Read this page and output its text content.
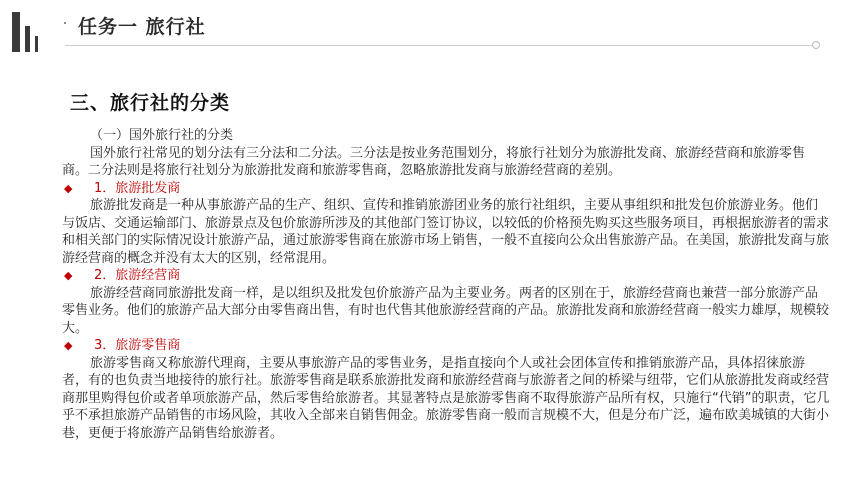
任务一 旅行社
三、旅行社的分类

（一）国外旅行社的分类

国外旅行社常见的划分法有三分法和二分法。三分法是按业务范围划分，将旅行社划分为旅游批发商、旅游经营商和旅游零售商。二分法则是将旅行社划分为旅游批发商和旅游零售商，忽略旅游批发商与旅游经营商的差别。

◆	1．旅游批发商

旅游批发商是一种从事旅游产品的生产、组织、宣传和推销旅游团业务的旅行社组织，主要从事组织和批发包价旅游业务。他们与饭店、交通运输部门、旅游景点及包价旅游所涉及的其他部门签订协议，以较低的价格预先购买这些服务项目，再根据旅游者的需求和相关部门的实际情况设计旅游产品，通过旅游零售商在旅游市场上销售，一般不直接向公众出售旅游产品。在美国，旅游批发商与旅游经营商的概念并没有太大的区别，经常混用。

◆	2．旅游经营商

旅游经营商同旅游批发商一样，是以组织及批发包价旅游产品为主要业务。两者的区别在于，旅游经营商也兼营一部分旅游产品零售业务。他们的旅游产品大部分由零售商出售，有时也代售其他旅游经营商的产品。旅游批发商和旅游经营商一般实力雄厚，规模较大。

◆	3．旅游零售商

旅游零售商又称旅游代理商，主要从事旅游产品的零售业务，是指直接向个人或社会团体宣传和推销旅游产品，具体招徕旅游者，有的也负责当地接待的旅行社。旅游零售商是联系旅游批发商和旅游经营商与旅游者之间的桥梁与纽带，它们从旅游批发商或经营商那里购得包价或者单项旅游产品，然后零售给旅游者。其显著特点是旅游零售商不取得旅游产品所有权，只施行“代销”的职责，它几乎不承担旅游产品销售的市场风险，其收入全部来自销售佣金。旅游零售商一般而言规模不大，但是分布广泛，遍布欧美城镇的大街小巷，更便于将旅游产品销售给旅游者。
